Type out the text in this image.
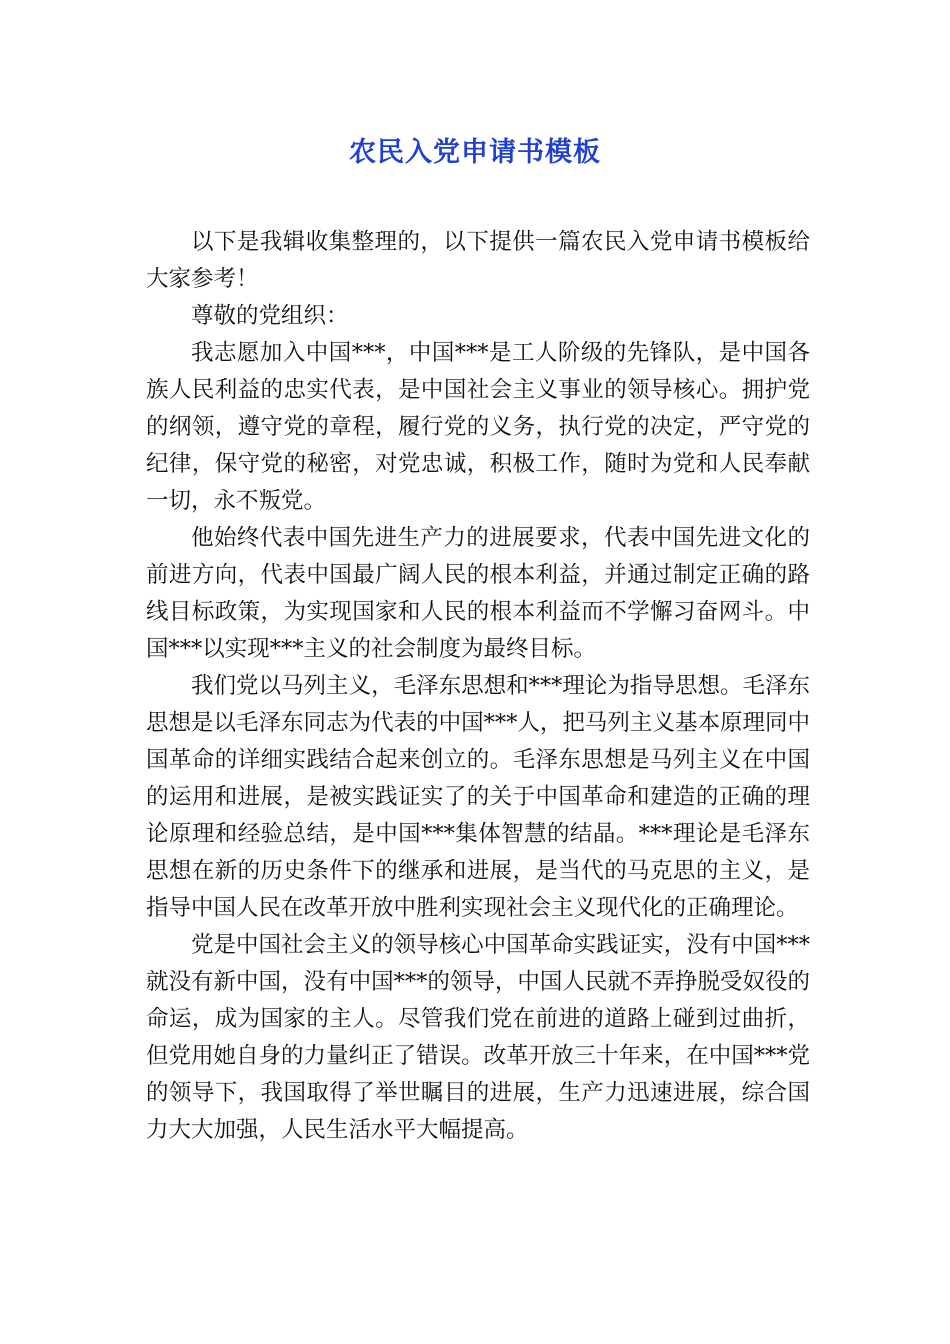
农民入党申请书模板

以下是我辑收集整理的，以下提供一篇农民入党申请书模板给大家参考！

尊敬的党组织：

我志愿加入中国***，中国***是工人阶级的先锋队，是中国各族人民利益的忠实代表，是中国社会主义事业的领导核心。拥护党的纲领，遵守党的章程，履行党的义务，执行党的决定，严守党的纪律，保守党的秘密，对党忠诚，积极工作，随时为党和人民奉献一切，永不叛党。

他始终代表中国先进生产力的进展要求，代表中国先进文化的前进方向，代表中国最广阔人民的根本利益，并通过制定正确的路线目标政策，为实现国家和人民的根本利益而不学懈习奋网斗。中国***以实现***主义的社会制度为最终目标。

我们党以马列主义，毛泽东思想和***理论为指导思想。毛泽东思想是以毛泽东同志为代表的中国***人，把马列主义基本原理同中国革命的详细实践结合起来创立的。毛泽东思想是马列主义在中国的运用和进展，是被实践证实了的关于中国革命和建造的正确的理论原理和经验总结，是中国***集体智慧的结晶。***理论是毛泽东思想在新的历史条件下的继承和进展，是当代的马克思的主义，是指导中国人民在改革开放中胜利实现社会主义现代化的正确理论。

党是中国社会主义的领导核心中国革命实践证实，没有中国***就没有新中国，没有中国***的领导，中国人民就不弄挣脱受奴役的命运，成为国家的主人。尽管我们党在前进的道路上碰到过曲折，但党用她自身的力量纠正了错误。改革开放三十年来，在中国***党的领导下，我国取得了举世瞩目的进展，生产力迅速进展，综合国力大大加强，人民生活水平大幅提高。
